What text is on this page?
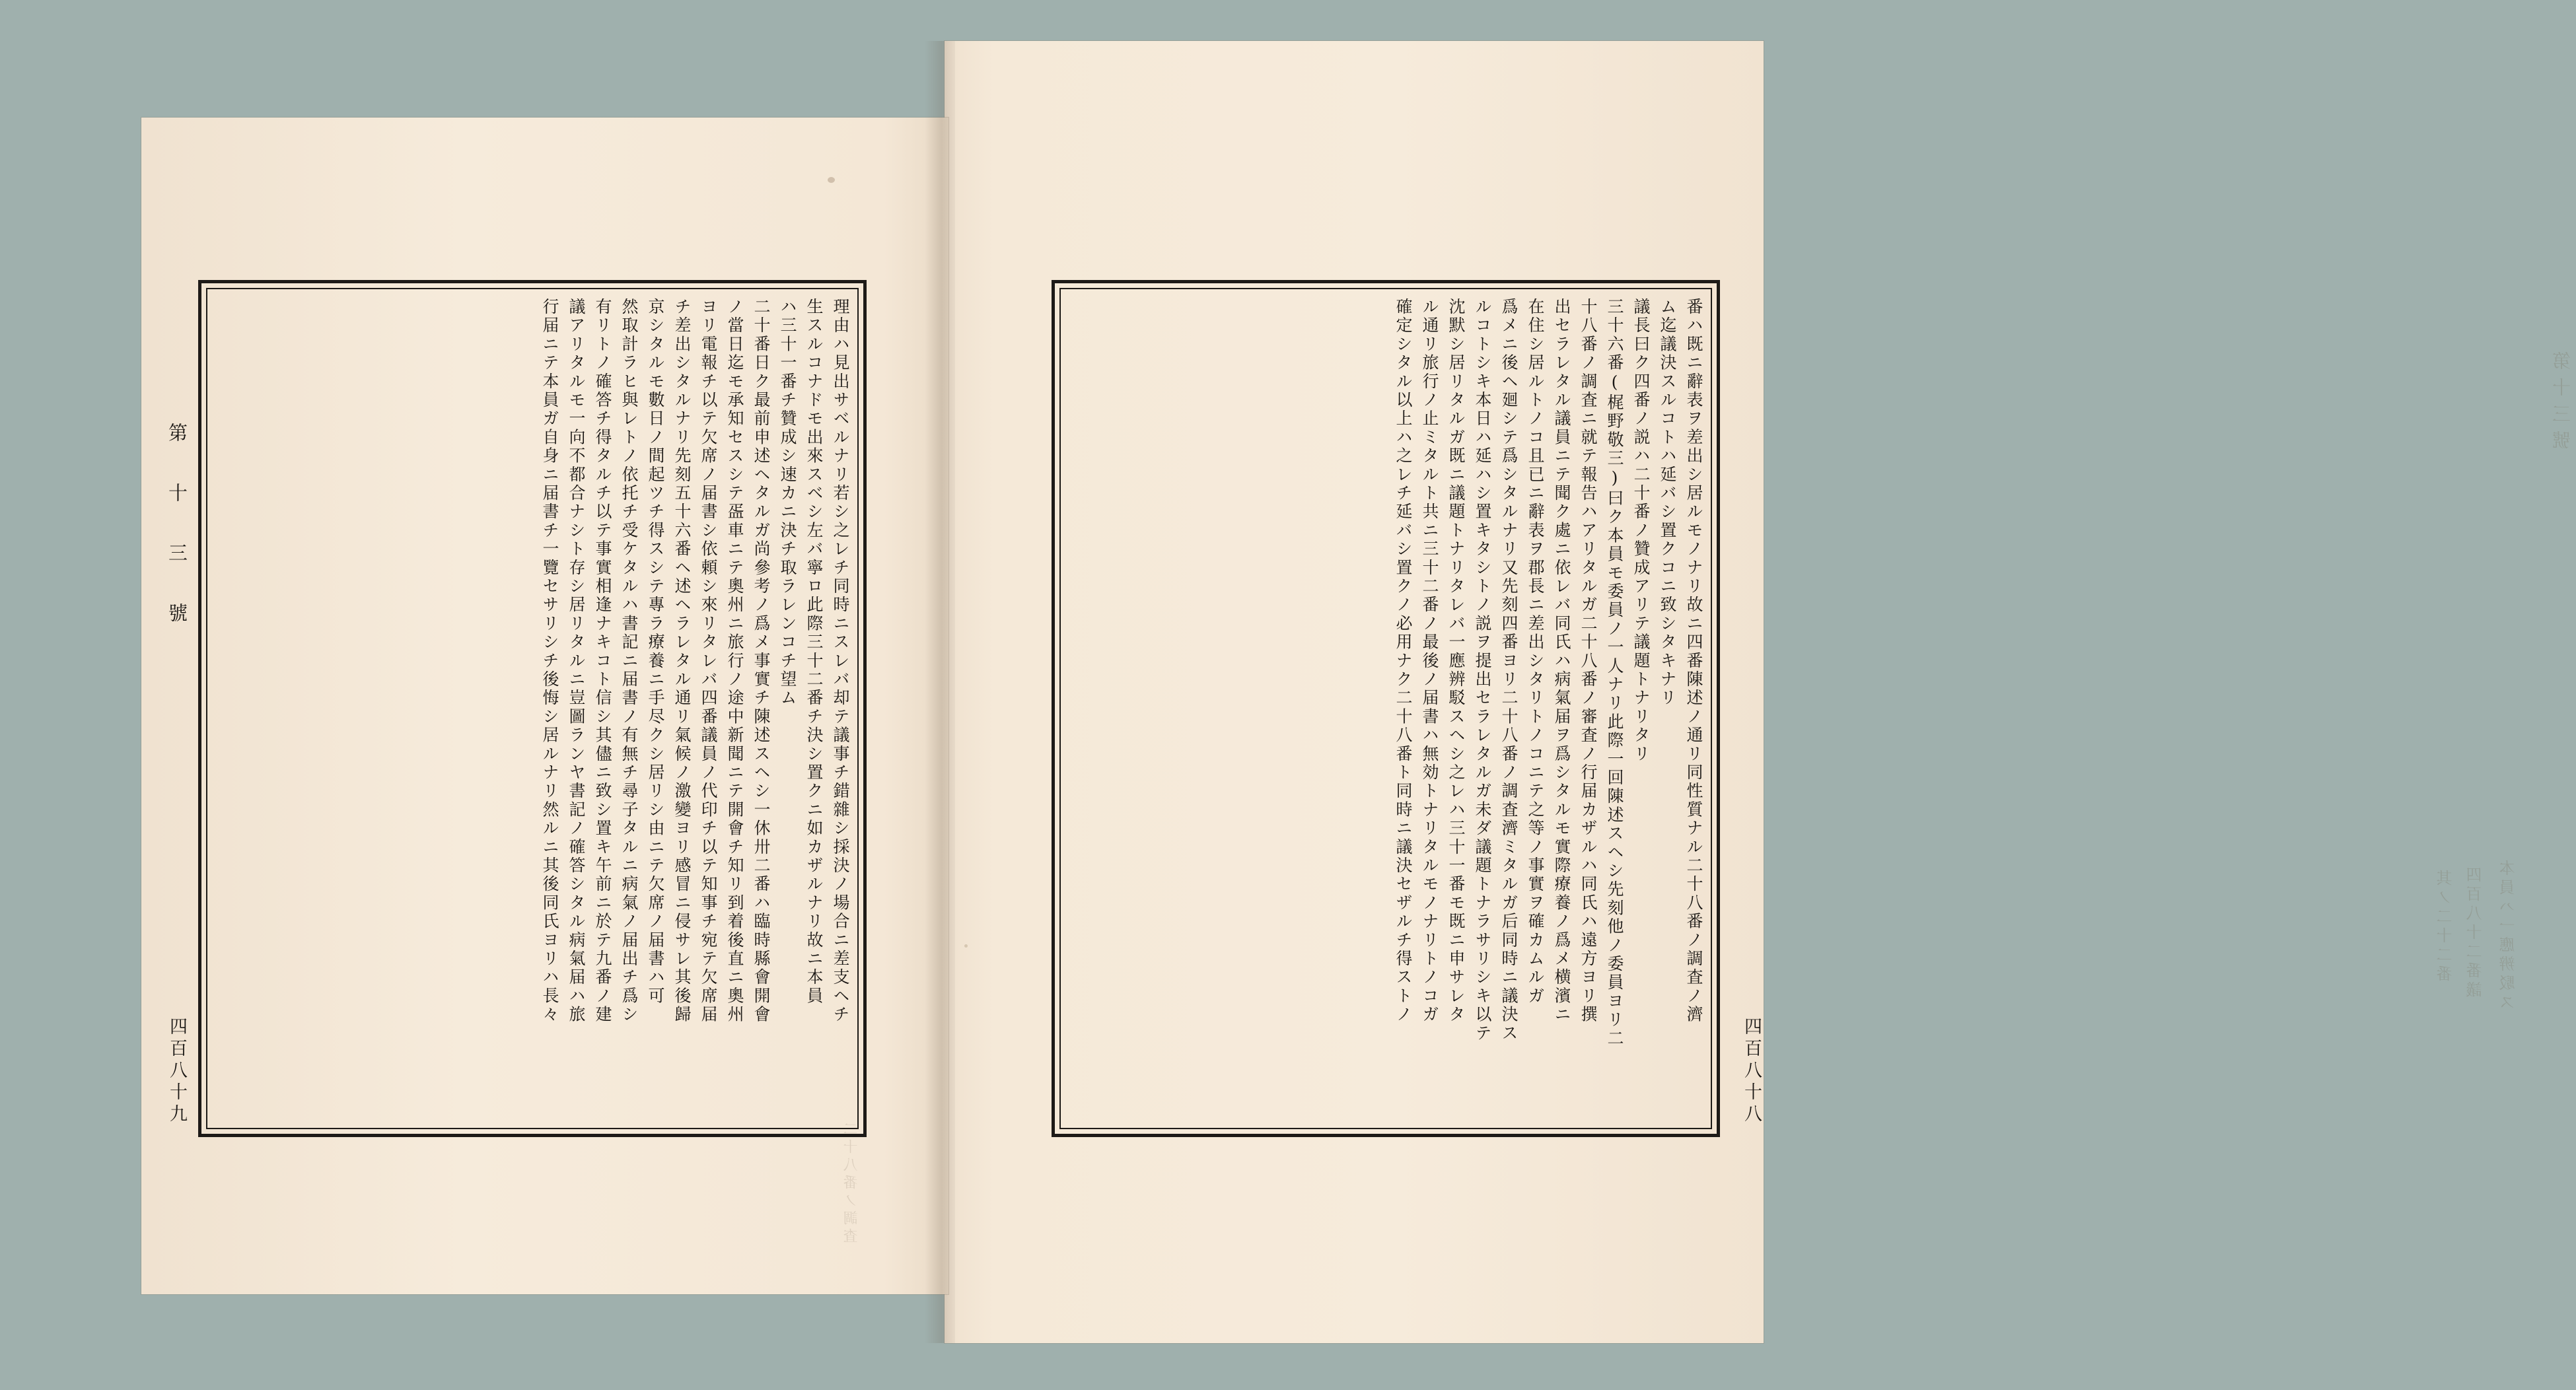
第十三號
本員ハ一應辨駁ス
四百八十二番議
其ノ二十二番
二十八番ノ調査
番ハ既ニ辭表ヲ差出シ居ルモノナリ故ニ四番陳述ノ通リ同性質ナル二十八番ノ調査ノ濟
ム迄議決スルコトハ延バシ置クコニ致シタキナリ
議長曰ク四番ノ説ハ二十番ノ贊成アリテ議題トナリタリ
三十六番(梶野敬三)曰ク本員モ委員ノ一人ナリ此際一回陳述スヘシ先刻他ノ委員ヨリ二
十八番ノ調査ニ就テ報告ハアリタルガ二十八番ノ審査ノ行届カザルハ同氏ハ遠方ヨリ撰
出セラレタル議員ニテ聞ク處ニ依レバ同氏ハ病氣届ヲ爲シタルモ實際療養ノ爲メ横濱ニ
在住シ居ルトノコ且已ニ辭表ヲ郡長ニ差出シタリトノコニテ之等ノ事實ヲ確カムルガ
爲メニ後ヘ廻シテ爲シタルナリ又先刻四番ヨリ二十八番ノ調査濟ミタルガ后同時ニ議決ス
ルコトシキ本日ハ延ハシ置キタシトノ説ヲ提出セラレタルガ未ダ議題トナラサリシキ以テ
沈默シ居リタルガ既ニ議題トナリタレバ一應辨駁スヘシ之レハ三十一番モ既ニ申サレタ
ル通リ旅行ノ止ミタルト共ニ三十二番ノ最後ノ届書ハ無効トナリタルモノナリトノコガ
確定シタル以上ハ之レチ延バシ置クノ必用ナク二十八番ト同時ニ議決セザルチ得ストノ
理由ハ見出サベルナリ若シ之レチ同時ニスレバ却テ議事チ錯雜シ採決ノ場合ニ差支ヘチ
生スルコナドモ出來スベシ左バ寧ロ此際三十二番チ決シ置クニ如カザルナリ故ニ本員
ハ三十一番チ贊成シ速カニ決チ取ラレンコチ望ム
二十番日ク最前申述ヘタルガ尚參考ノ爲メ事實チ陳述スヘシ一休卅二番ハ臨時縣會開會
ノ當日迄モ承知セスシテ㿿車ニテ奧州ニ旅行ノ途中新聞ニテ開會チ知リ到着後直ニ奧州
ヨリ電報チ以テ欠席ノ届書シ依頼シ來リタレバ四番議員ノ代印チ以テ知事チ宛テ欠席届
チ差出シタルナリ先刻五十六番ヘ述ヘラレタル通リ氣候ノ激變ヨリ感冒ニ侵サレ其後歸
京シタルモ數日ノ間起ツチ得スシテ專ラ療養ニ手尽クシ居リシ由ニテ欠席ノ届書ハ可
然取計ラヒ與レトノ依托チ受ケタルハ書記ニ届書ノ有無チ尋子タルニ病氣ノ届出チ爲シ
有リトノ確答チ得タルチ以テ事實相逢ナキコト信シ其儘ニ致シ置キ午前ニ於テ九番ノ建
議アリタルモ一向不都合ナシト存シ居リタルニ豈圖ランヤ書記ノ確答シタル病氣届ハ旅
行届ニテ本員ガ自身ニ届書チ一覽セサリシチ後悔シ居ルナリ然ルニ其後同氏ヨリハ長々
四百八十八
四百八十九
第 十 三 號
